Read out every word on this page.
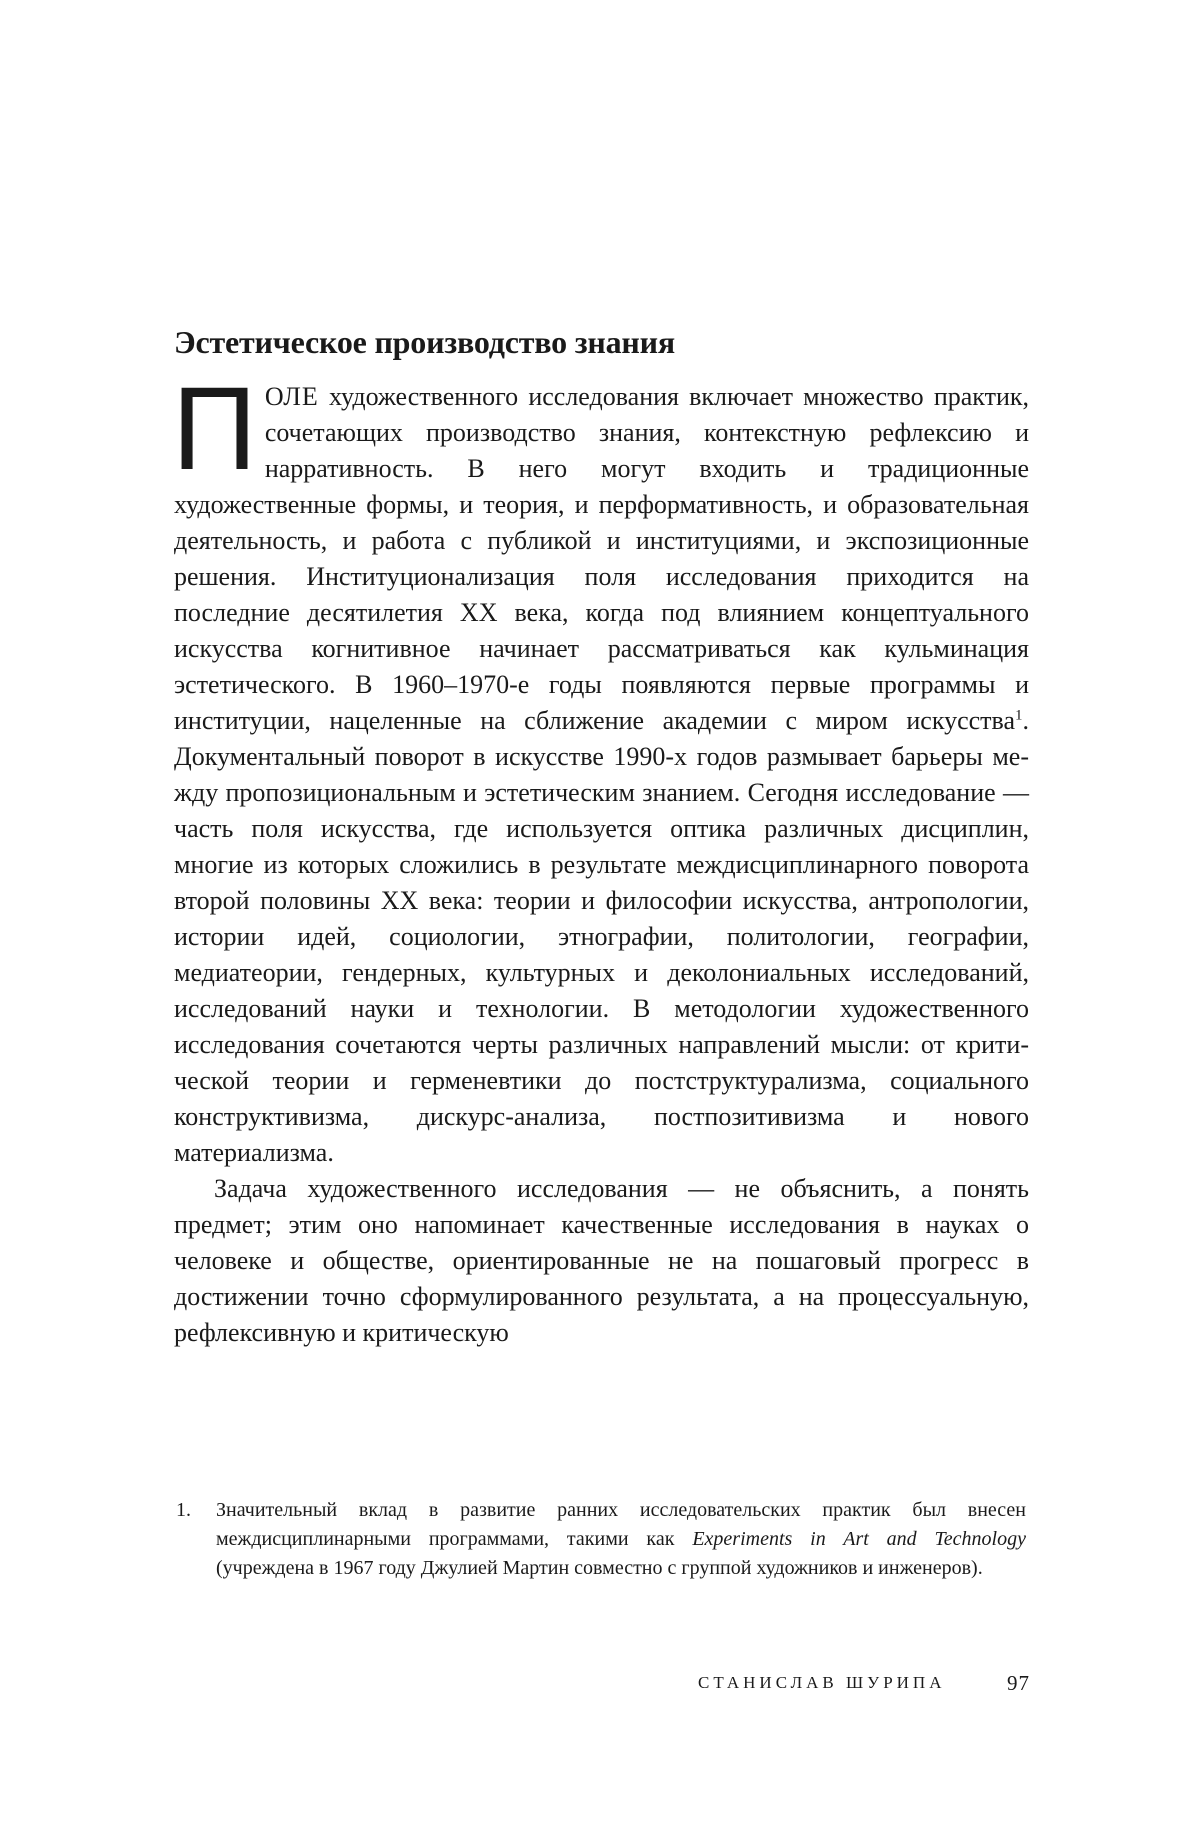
Эстетическое производство знания

ПОЛЕ художественного исследования включает множество практик, сочетающих производство знания, контекстную рефлексию и нарративность. В него могут входить и традиционные художественные формы, и теория, и перформативность, и образовательная деятельность, и работа с публикой и институциями, и экспозиционные решения. Институционализация поля исследования приходится на последние десятилетия XX века, когда под влиянием концептуального искусства когнитивное начинает рассматриваться как кульминация эстетического. В 1960–1970-е годы появляются первые программы и институции, нацеленные на сближение академии с миром искусства$^1$. Документальный поворот в искусстве 1990-х годов размывает барьеры между пропозициональным и эстетическим знанием. Сегодня исследование — часть поля искусства, где используется оптика различных дисциплин, многие из которых сложились в результате междисциплинарного поворота второй половины XX века: теории и философии искусства, антропологии, истории идей, социологии, этнографии, политологии, географии, медиатеории, гендерных, культурных и деколониальных исследований, исследований науки и технологии. В методологии художественного исследования сочетаются черты различных направлений мысли: от критической теории и герменевтики до постструктурализма, социального конструктивизма, дискурс-анализа, постпозитивизма и нового материализма.

Задача художественного исследования — не объяснить, а понять предмет; этим оно напоминает качественные исследования в науках о человеке и обществе, ориентированные не на пошаговый прогресс в достижении точно сформулированного результата, а на процессуальную, рефлексивную и критическую

1. Значительный вклад в развитие ранних исследовательских практик был внесен междисциплинарными программами, такими как Experiments in Art and Technology (учреждена в 1967 году Джулией Мартин совместно с группой художников и инженеров).

СТАНИСЛАВ ШУРИПА	97
